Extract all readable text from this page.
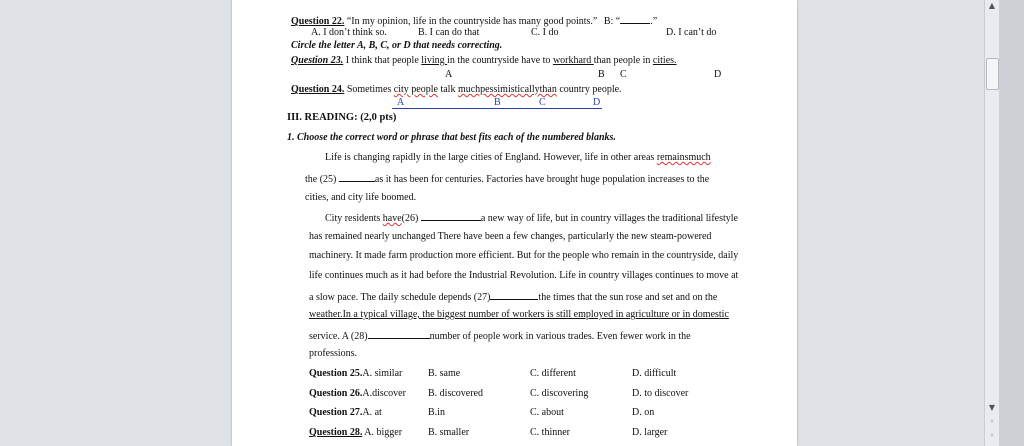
Question 22. “In my opinion, life in the countryside has many good points.” B: “	.”
A. I don’t think so.	B. I can do that	C. I do	D. I can’t do
Circle the letter A, B, C, or D that needs correcting.
Question 23. I think that people living in the countryside have to workhard than people in cities.
A	B C	D
Question 24. Sometimes city people talk muchpessimisticallythan country people.
A	B	C	D
III. READING: (2,0 pts)
1. Choose the correct word or phrase that best fits each of the numbered blanks.
Life is changing rapidly in the large cities of England. However, life in other areas remainsmuch
the (25)	as it has been for centuries. Factories have brought huge population increases to the
cities, and city life boomed.
City residents have(26)	a new way of life, but in country villages the traditional lifestyle
has remained nearly unchanged There have been a few changes, particularly the new steam-powered
machinery. It made farm production more efficient. But for the people who remain in the countryside, daily
life continues much as it had before the Industrial Revolution. Life in country villages continues to move at
a slow pace. The daily schedule depends (27)	the times that the sun rose and set and on the
weather.In a typical village, the biggest number of workers is still employed in agriculture or in domestic
service. A (28)	number of people work in various trades. Even fewer work in the
professions.
Question 25.A. similar	B. same	C. different	D. difficult
Question 26.A.discover B. discovered	C. discovering	D. to discover
Question 27.A. at	B.in	C. about	D. on
Question 28. A. bigger	B. smaller	C. thinner	D. larger
▲
▼
◦
◦
